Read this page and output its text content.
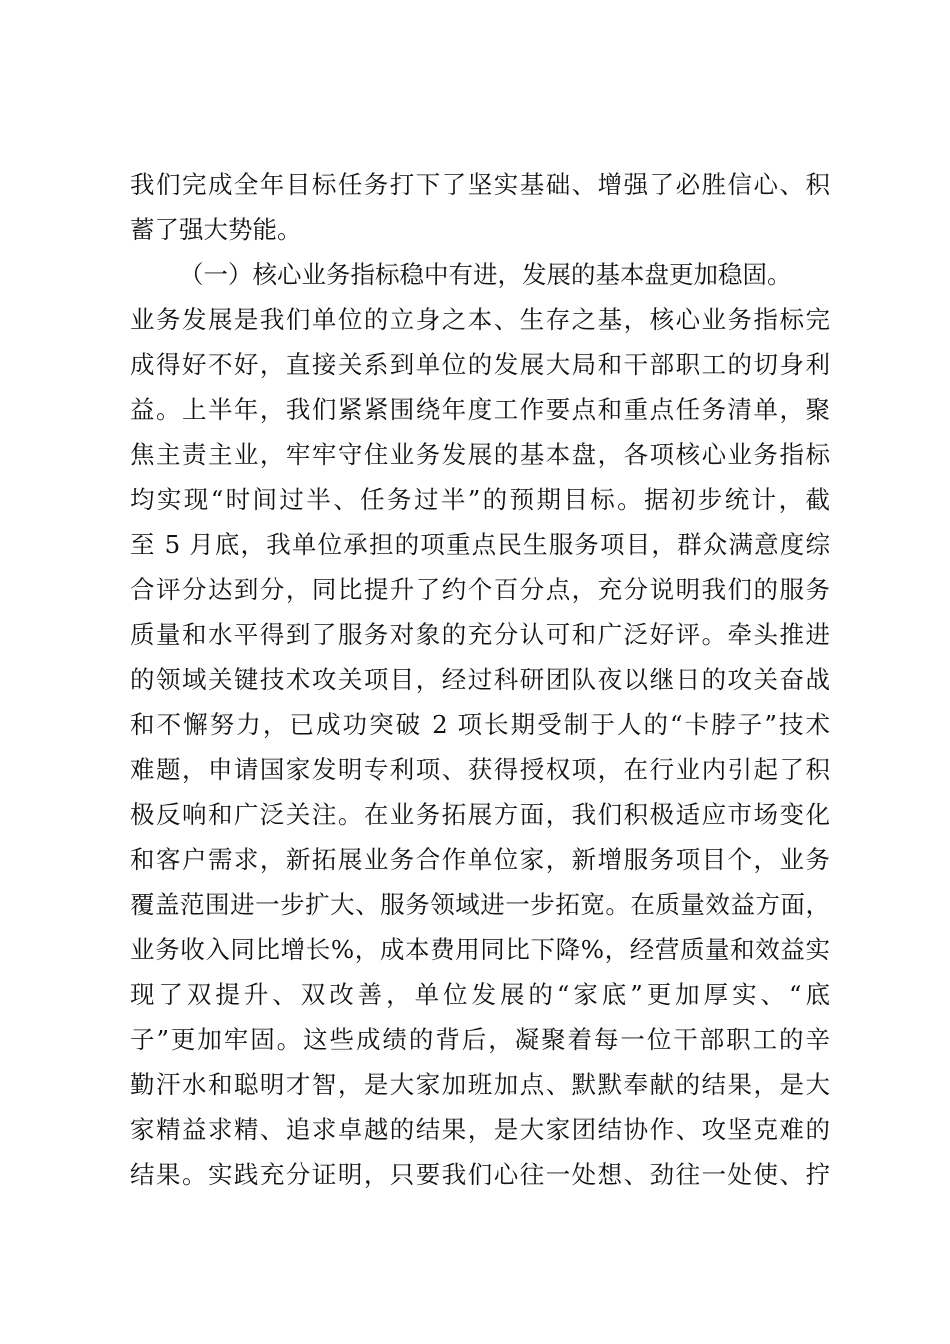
我们完成全年目标任务打下了坚实基础、增强了必胜信心、积
蓄了强大势能。
（一）核心业务指标稳中有进，发展的基本盘更加稳固。
业务发展是我们单位的立身之本、生存之基，核心业务指标完
成得好不好，直接关系到单位的发展大局和干部职工的切身利
益。上半年，我们紧紧围绕年度工作要点和重点任务清单，聚
焦主责主业，牢牢守住业务发展的基本盘，各项核心业务指标
均实现“时间过半、任务过半”的预期目标。据初步统计，截
至 5 月底，我单位承担的项重点民生服务项目，群众满意度综
合评分达到分，同比提升了约个百分点，充分说明我们的服务
质量和水平得到了服务对象的充分认可和广泛好评。牵头推进
的领域关键技术攻关项目，经过科研团队夜以继日的攻关奋战
和不懈努力，已成功突破 2 项长期受制于人的“卡脖子”技术
难题，申请国家发明专利项、获得授权项，在行业内引起了积
极反响和广泛关注。在业务拓展方面，我们积极适应市场变化
和客户需求，新拓展业务合作单位家，新增服务项目个，业务
覆盖范围进一步扩大、服务领域进一步拓宽。在质量效益方面，
业务收入同比增长%，成本费用同比下降%，经营质量和效益实
现了双提升、双改善，单位发展的“家底”更加厚实、“底
子”更加牢固。这些成绩的背后，凝聚着每一位干部职工的辛
勤汗水和聪明才智，是大家加班加点、默默奉献的结果，是大
家精益求精、追求卓越的结果，是大家团结协作、攻坚克难的
结果。实践充分证明，只要我们心往一处想、劲往一处使、拧
